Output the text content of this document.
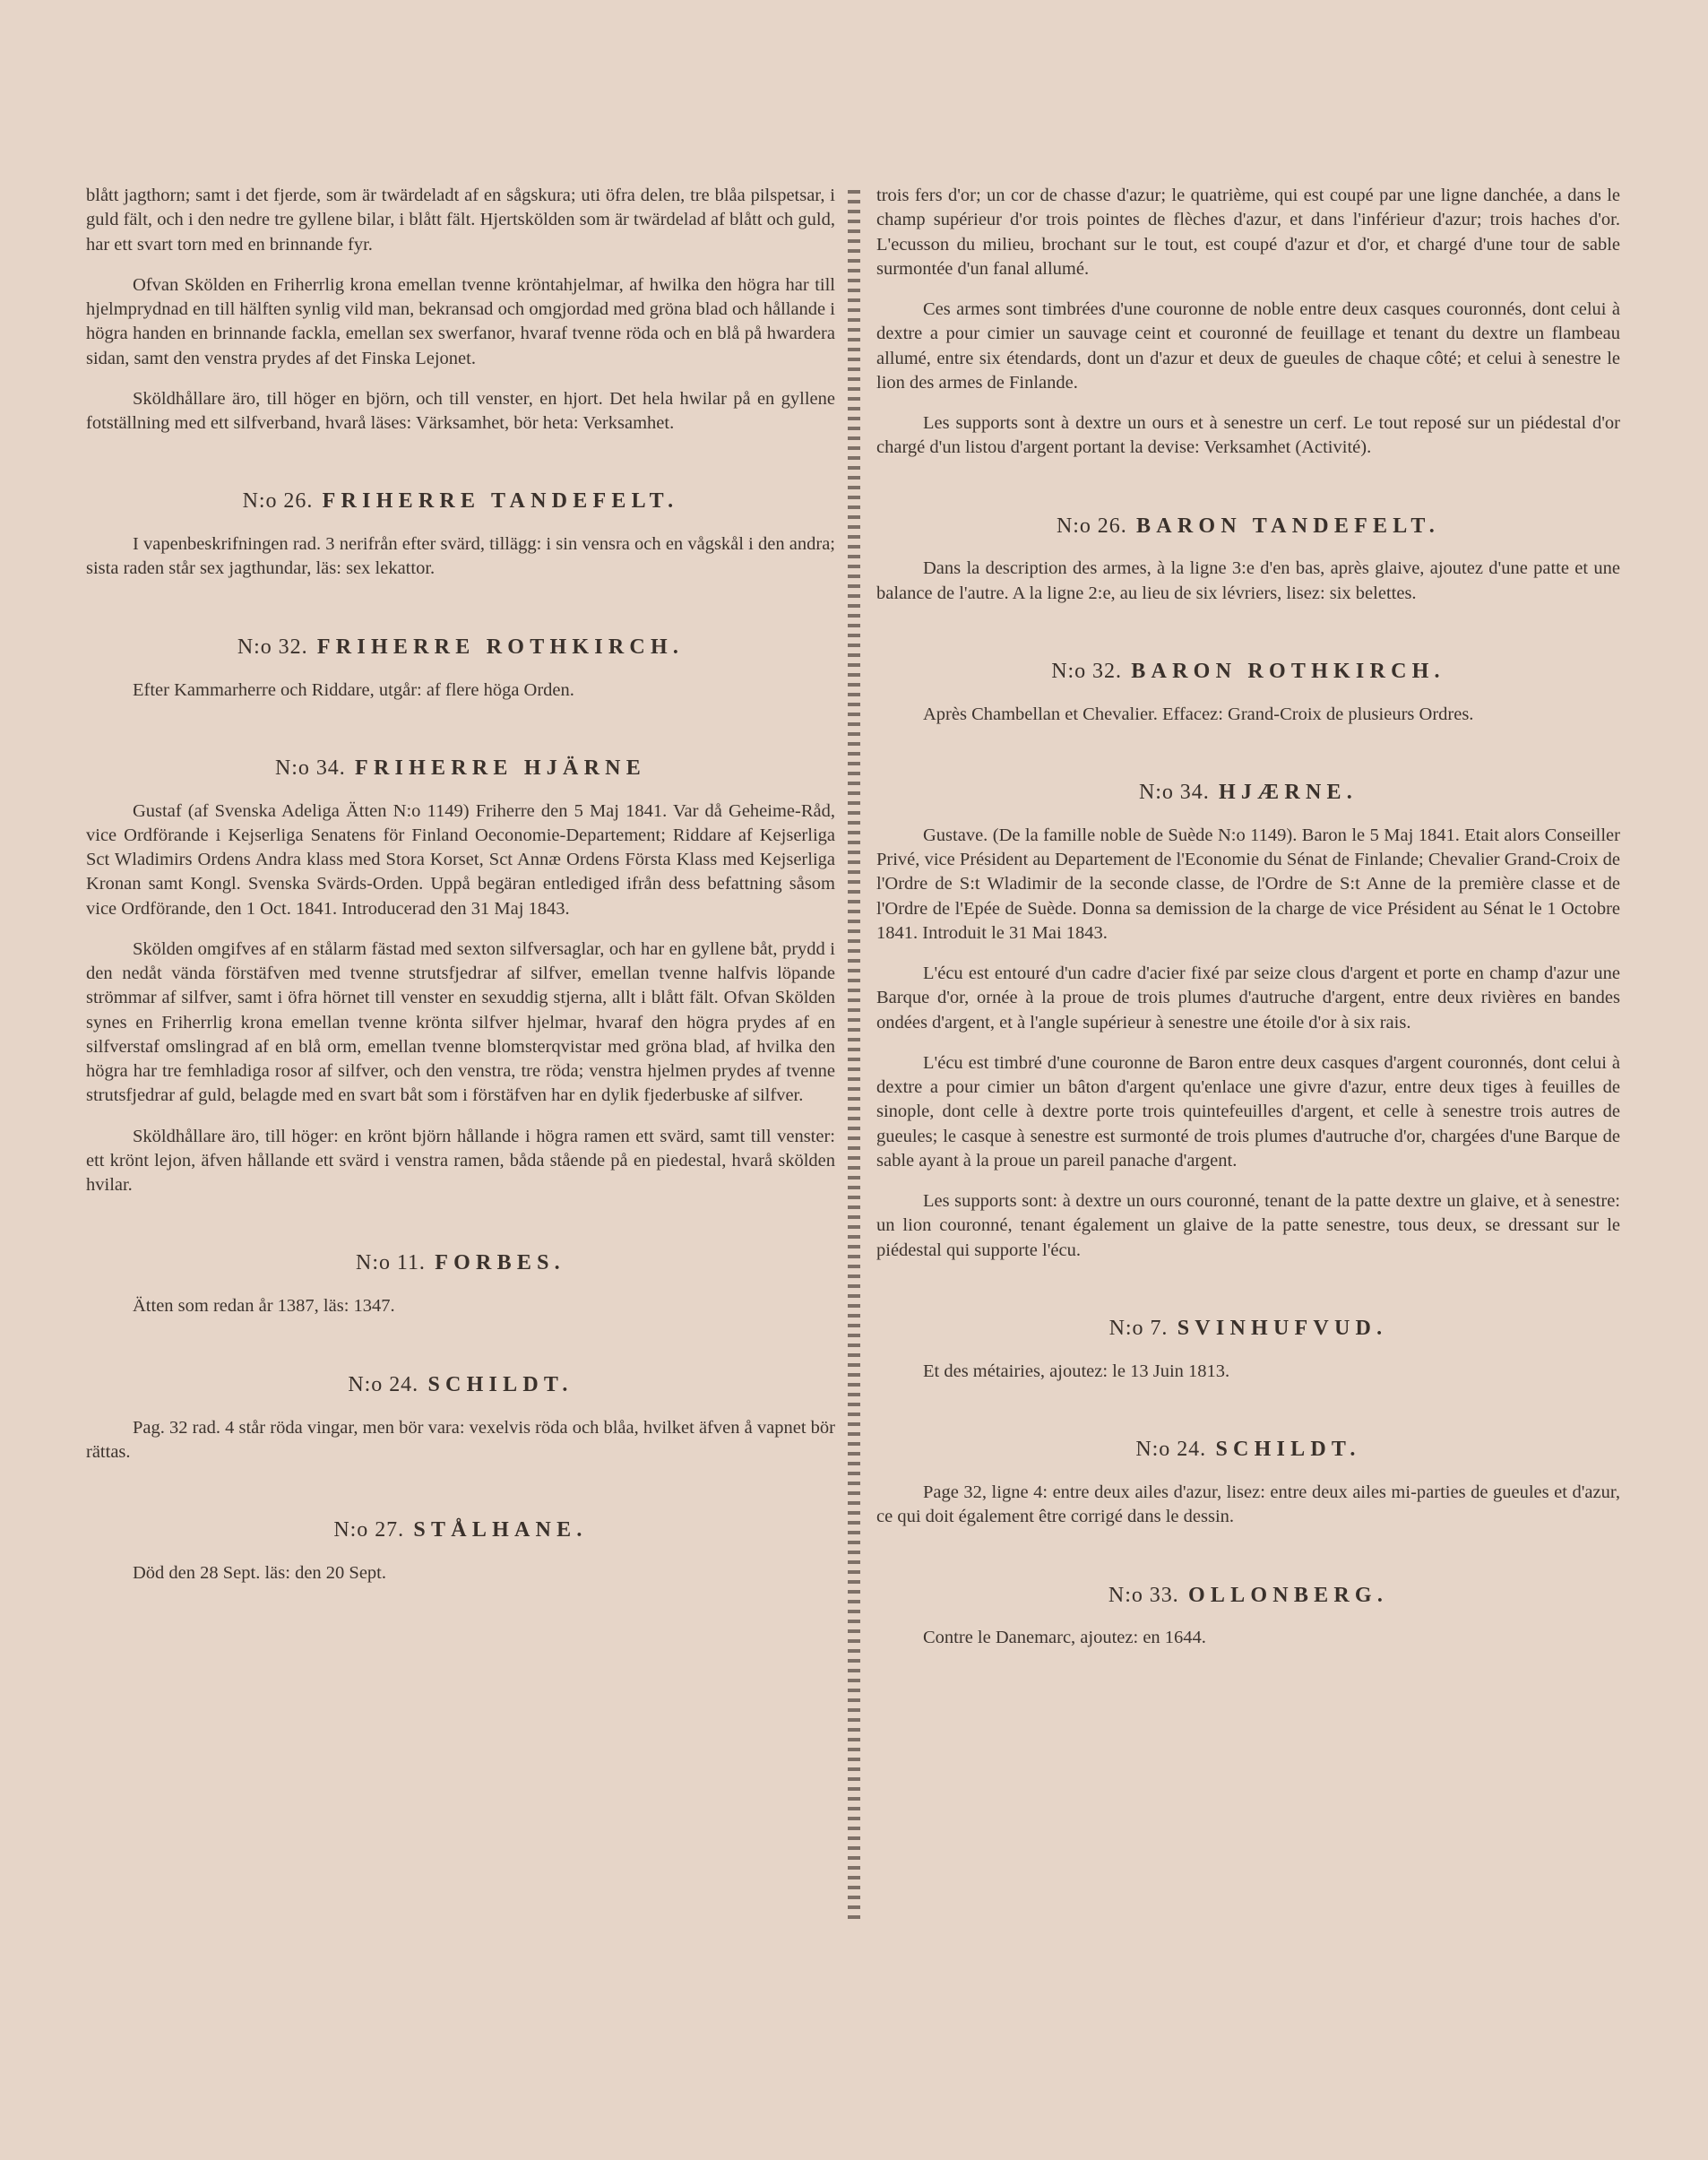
blått jagthorn; samt i det fjerde, som är twärdeladt af en sågskura; uti öfra delen, tre blåa pilspetsar, i guld fält, och i den nedre tre gyllene bilar, i blått fält. Hjertskölden som är twärdelad af blått och guld, har ett svart torn med en brinnande fyr.

Ofvan Skölden en Friherrlig krona emellan tvenne kröntahjelmar, af hwilka den högra har till hjelmprydnad en till hälften synlig vild man, bekransad och omgjordad med gröna blad och hållande i högra handen en brinnande fackla, emellan sex swerfanor, hvaraf tvenne röda och en blå på hwardera sidan, samt den venstra prydes af det Finska Lejonet.

Sköldhållare äro, till höger en björn, och till venster, en hjort. Det hela hwilar på en gyllene fotställning med ett silfverband, hvarå läses: Värksamhet, bör heta: Verksamhet.

N:o 26. FRIHERRE TANDEFELT.

I vapenbeskrifningen rad. 3 nerifrån efter svärd, tillägg: i sin vensra och en vågskål i den andra; sista raden står sex jagthundar, läs: sex lekattor.

N:o 32. FRIHERRE ROTHKIRCH.

Efter Kammarherre och Riddare, utgår: af flere höga Orden.

N:o 34. FRIHERRE HJÄRNE

Gustaf (af Svenska Adeliga Ätten N:o 1149) Friherre den 5 Maj 1841. Var då Geheime-Råd, vice Ordförande i Kejserliga Senatens för Finland Oeconomie-Departement; Riddare af Kejserliga Sct Wladimirs Ordens Andra klass med Stora Korset, Sct Annæ Ordens Första Klass med Kejserliga Kronan samt Kongl. Svenska Svärds-Orden. Uppå begäran entlediged ifrån dess befattning såsom vice Ordförande, den 1 Oct. 1841. Introducerad den 31 Maj 1843.

Skölden omgifves af en stålarm fästad med sexton silfversaglar, och har en gyllene båt, prydd i den nedåt vända förstäfven med tvenne strutsfjedrar af silfver, emellan tvenne halfvis löpande strömmar af silfver, samt i öfra hörnet till venster en sexuddig stjerna, allt i blått fält. Ofvan Skölden synes en Friherrlig krona emellan tvenne krönta silfver hjelmar, hvaraf den högra prydes af en silfverstaf omslingrad af en blå orm, emellan tvenne blomsterqvistar med gröna blad, af hvilka den högra har tre femhladiga rosor af silfver, och den venstra, tre röda; venstra hjelmen prydes af tvenne strutsfjedrar af guld, belagde med en svart båt som i förstäfven har en dylik fjederbuske af silfver.

Sköldhållare äro, till höger: en krönt björn hållande i högra ramen ett svärd, samt till venster: ett krönt lejon, äfven hållande ett svärd i venstra ramen, båda stående på en piedestal, hvarå skölden hvilar.

N:o 11. FORBES.

Ätten som redan år 1387, läs: 1347.

N:o 24. SCHILDT.

Pag. 32 rad. 4 står röda vingar, men bör vara: vexelvis röda och blåa, hvilket äfven å vapnet bör rättas.

N:o 27. STÅLHANE.

Död den 28 Sept. läs: den 20 Sept.

trois fers d'or; un cor de chasse d'azur; le quatrième, qui est coupé par une ligne danchée, a dans le champ supérieur d'or trois pointes de flèches d'azur, et dans l'inférieur d'azur; trois haches d'or. L'ecusson du milieu, brochant sur le tout, est coupé d'azur et d'or, et chargé d'une tour de sable surmontée d'un fanal allumé.

Ces armes sont timbrées d'une couronne de noble entre deux casques couronnés, dont celui à dextre a pour cimier un sauvage ceint et couronné de feuillage et tenant du dextre un flambeau allumé, entre six étendards, dont un d'azur et deux de gueules de chaque côté; et celui à senestre le lion des armes de Finlande.

Les supports sont à dextre un ours et à senestre un cerf. Le tout reposé sur un piédestal d'or chargé d'un listou d'argent portant la devise: Verksamhet (Activité).

N:o 26. BARON TANDEFELT.

Dans la description des armes, à la ligne 3:e d'en bas, après glaive, ajoutez d'une patte et une balance de l'autre. A la ligne 2:e, au lieu de six lévriers, lisez: six belettes.

N:o 32. BARON ROTHKIRCH.

Après Chambellan et Chevalier. Effacez: Grand-Croix de plusieurs Ordres.

N:o 34. HJÆRNE.

Gustave. (De la famille noble de Suède N:o 1149). Baron le 5 Maj 1841. Etait alors Conseiller Privé, vice Président au Departement de l'Economie du Sénat de Finlande; Chevalier Grand-Croix de l'Ordre de S:t Wladimir de la seconde classe, de l'Ordre de S:t Anne de la première classe et de l'Ordre de l'Epée de Suède. Donna sa demission de la charge de vice Président au Sénat le 1 Octobre 1841. Introduit le 31 Mai 1843.

L'écu est entouré d'un cadre d'acier fixé par seize clous d'argent et porte en champ d'azur une Barque d'or, ornée à la proue de trois plumes d'autruche d'argent, entre deux rivières en bandes ondées d'argent, et à l'angle supérieur à senestre une étoile d'or à six rais.

L'écu est timbré d'une couronne de Baron entre deux casques d'argent couronnés, dont celui à dextre a pour cimier un bâton d'argent qu'enlace une givre d'azur, entre deux tiges à feuilles de sinople, dont celle à dextre porte trois quintefeuilles d'argent, et celle à senestre trois autres de gueules; le casque à senestre est surmonté de trois plumes d'autruche d'or, chargées d'une Barque de sable ayant à la proue un pareil panache d'argent.

Les supports sont: à dextre un ours couronné, tenant de la patte dextre un glaive, et à senestre: un lion couronné, tenant également un glaive de la patte senestre, tous deux, se dressant sur le piédestal qui supporte l'écu.

N:o 7. SVINHUFVUD.

Et des métairies, ajoutez: le 13 Juin 1813.

N:o 24. SCHILDT.

Page 32, ligne 4: entre deux ailes d'azur, lisez: entre deux ailes mi-parties de gueules et d'azur, ce qui doit également être corrigé dans le dessin.

N:o 33. OLLONBERG.

Contre le Danemarc, ajoutez: en 1644.
